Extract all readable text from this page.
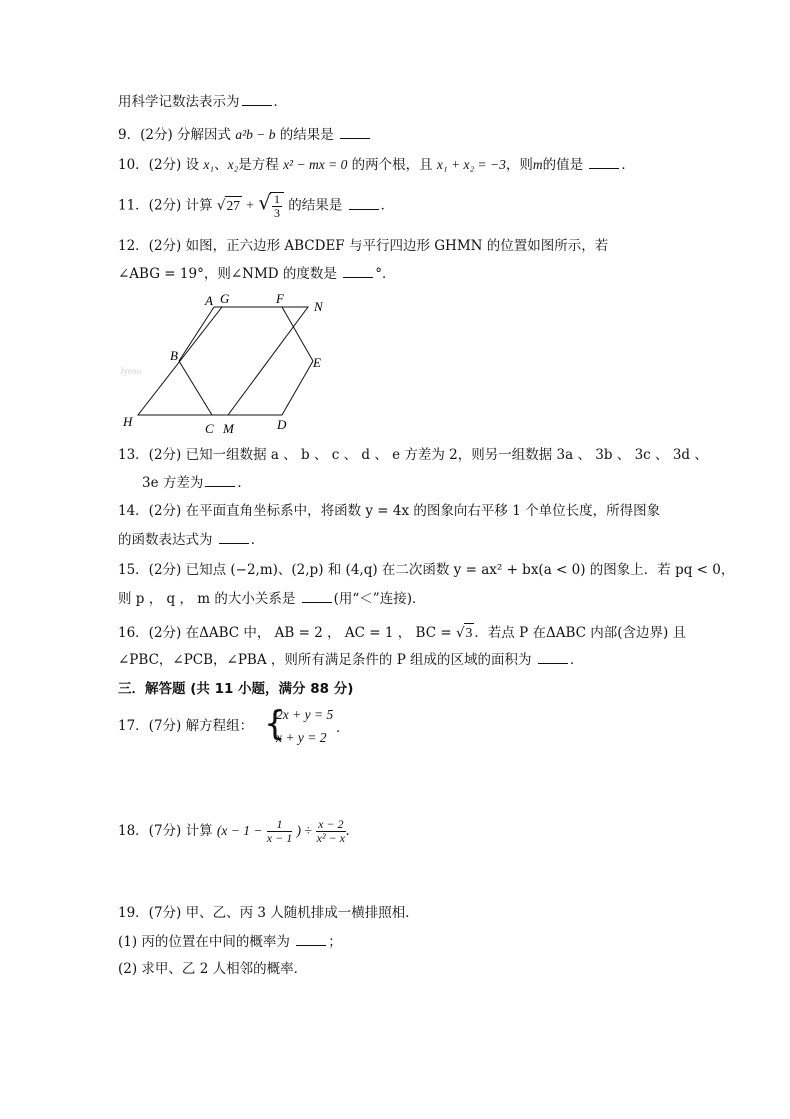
用科学记数法表示为	．
9．(2分) 分解因式 a²b − b 的结果是
10．(2分) 设 x₁、x₂是方程 x² − mx = 0 的两个根，且 x₁ + x₂ = −3，则m的值是	．
11．(2分) 计算 √27 + √ $\frac{1}{3}$ 的结果是	．
12．(2分) 如图，正六边形 ABCDEF 与平行四边形 GHMN 的位置如图所示，若
∠ABG = 19°，则∠NMD 的度数是	°．
A G	F
N
B	E
H	C M	D
Jyeoo
13．(2分) 已知一组数据 a 、 b 、 c 、 d 、 e 方差为 2，则另一组数据 3a 、 3b 、 3c 、 3d 、
3e 方差为	．
14．(2分) 在平面直角坐标系中，将函数 y = 4x 的图象向右平移 1 个单位长度，所得图象
的函数表达式为	．
15．(2分) 已知点 (−2,m)、(2,p) 和 (4,q) 在二次函数 y = ax² + bx(a < 0) 的图象上．若 pq < 0，
则 p ， q ， m 的大小关系是	(用“＜”连接)．
16．(2分) 在ΔABC 中， AB = 2 ， AC = 1 ， BC = √3 ．若点 P 在ΔABC 内部(含边界) 且
∠PBC，∠PCB，∠PBA ，则所有满足条件的 P 组成的区域的面积为	．
三．解答题 (共 11 小题，满分 88 分)
17．(7分) 解方程组： {
2x + y = 5
x + y = 2
．
18．(7分) 计算 ($x - 1 - \frac{1}{x - 1}$ ) ÷ $\frac{x - 2}{\text{x² − x}}$ ．
19．(7分) 甲、乙、丙 3 人随机排成一横排照相．
(1) 丙的位置在中间的概率为	；
(2) 求甲、乙 2 人相邻的概率．
